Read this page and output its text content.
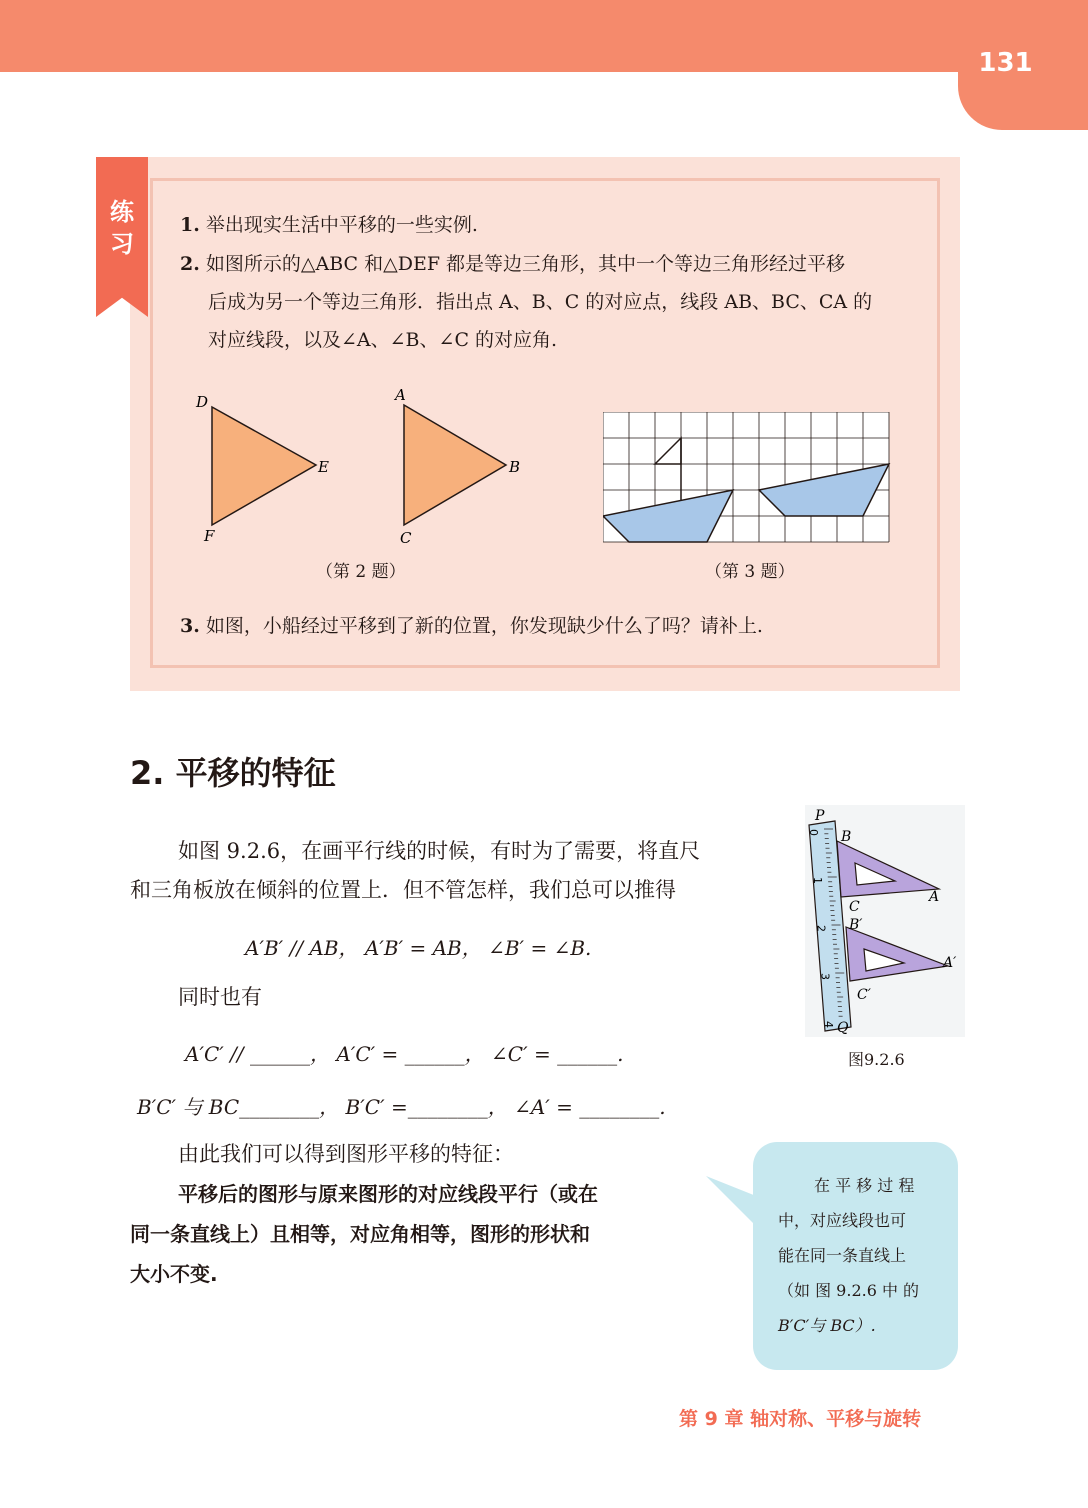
131
练
习
1. 举出现实生活中平移的一些实例.
2. 如图所示的△ABC 和△DEF 都是等边三角形，其中一个等边三角形经过平移
后成为另一个等边三角形．指出点 A、B、C 的对应点，线段 AB、BC、CA 的
对应线段，以及∠A、∠B、∠C 的对应角.
D
E
F
A
B
C
（第 2 题）	（第 3 题）
3. 如图，小船经过平移到了新的位置，你发现缺少什么了吗？请补上.
2. 平移的特征
如图 9.2.6，在画平行线的时候，有时为了需要，将直尺
和三角板放在倾斜的位置上．但不管怎样，我们总可以推得
A′B′ // AB， A′B′ = AB， ∠B′ = ∠B.
同时也有
A′C′ // ______， A′C′ = ______， ∠C′ = ______.
B′C′ 与 BC________， B′C′ =________， ∠A′ = ________.
由此我们可以得到图形平移的特征：
平移后的图形与原来图形的对应线段平行（或在
同一条直线上）且相等，对应角相等，图形的形状和
大小不变.
0
1
2
3
4
P
B
A
C
B′
A′
C′
Q
图9.2.6
在 平 移 过 程
中，对应线段也可
能在同一条直线上
（如 图 9.2.6 中 的
B′C′与 BC）.
第 9 章 轴对称、平移与旋转
